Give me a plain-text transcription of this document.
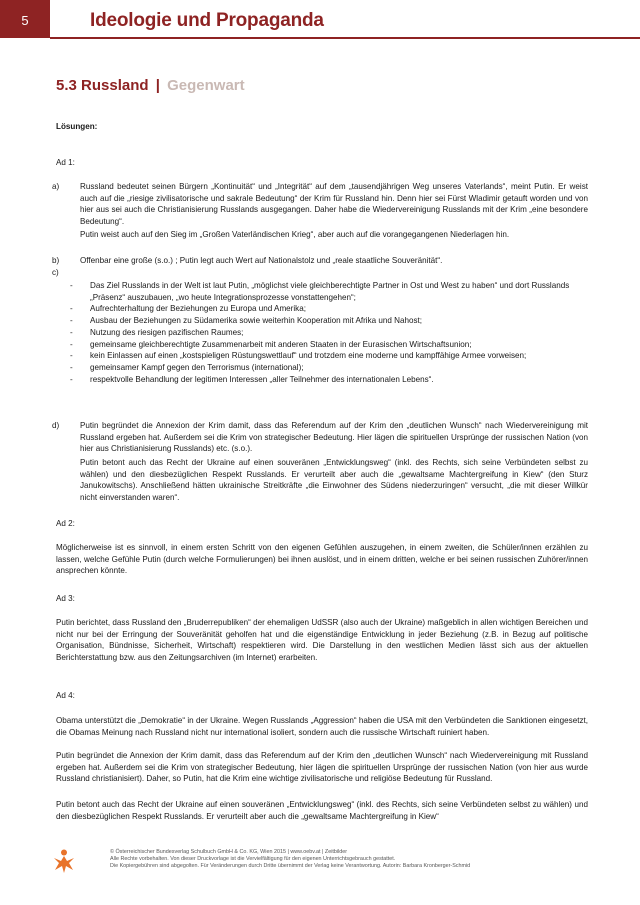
5	Ideologie und Propaganda
5.3 Russland | Gegenwart
Lösungen:
Ad 1:
a)	Russland bedeutet seinen Bürgern „Kontinuität“ und „Integrität“ auf dem „tausendjährigen Weg unseres Vaterlands“, meint Putin. Er weist auch auf die „riesige zivilisatorische und sakrale Bedeutung“ der Krim für Russland hin. Denn hier sei Fürst Wladimir getauft worden und von hier aus sei auch die Christianisierung Russlands ausgegangen. Daher habe die Wiedervereinigung Russlands mit der Krim „eine besondere Bedeutung“.
Putin weist auch auf den Sieg im „Großen Vaterländischen Krieg“, aber auch auf die vorangegangenen Niederlagen hin.
b)	Offenbar eine große (s.o.) ; Putin legt auch Wert auf Nationalstolz und „reale staatliche Souveränität“.
c)
-	Das Ziel Russlands in der Welt ist laut Putin, „möglichst viele gleichberechtigte Partner in Ost und West zu haben“ und dort Russlands „Präsenz“ auszubauen, „wo heute Integrationsprozesse vonstattengehen“;
-	Aufrechterhaltung der Beziehungen zu Europa und Amerika;
-	Ausbau der Beziehungen zu Südamerika sowie weiterhin Kooperation mit Afrika und Nahost;
-	Nutzung des riesigen pazifischen Raumes;
-	gemeinsame gleichberechtigte Zusammenarbeit mit anderen Staaten in der Eurasischen Wirtschaftsunion;
-	kein Einlassen auf einen „kostspieligen Rüstungswettlauf“ und trotzdem eine moderne und kampffähige Armee vorweisen;
-	gemeinsamer Kampf gegen den Terrorismus (international);
-	respektvolle Behandlung der legitimen Interessen „aller Teilnehmer des internationalen Lebens“.
d)	Putin begründet die Annexion der Krim damit, dass das Referendum auf der Krim den „deutlichen Wunsch“ nach Wiedervereinigung mit Russland ergeben hat. Außerdem sei die Krim von strategischer Bedeutung. Hier lägen die spirituellen Ursprünge der russischen Nation (von hier aus Christianisierung Russlands) etc. (s.o.).
Putin betont auch das Recht der Ukraine auf einen souveränen „Entwicklungsweg“ (inkl. des Rechts, sich seine Verbündeten selbst zu wählen) und den diesbezüglichen Respekt Russlands. Er verurteilt aber auch die „gewaltsame Machtergreifung in Kiew“ (den Sturz Janukowitschs). Anschließend hätten ukrainische Streitkräfte „die Einwohner des Südens niederzuringen“ versucht, „die mit dieser Willkür nicht einverstanden waren“.
Ad 2:
Möglicherweise ist es sinnvoll, in einem ersten Schritt von den eigenen Gefühlen auszugehen, in einem zweiten, die Schüler/innen erzählen zu lassen, welche Gefühle Putin (durch welche Formulierungen) bei ihnen auslöst, und in einem dritten, welche er bei seinen russischen Zuhörer/innen ansprechen könnte.
Ad 3:
Putin berichtet, dass Russland den „Bruderrepubliken“ der ehemaligen UdSSR (also auch der Ukraine) maßgeblich in allen wichtigen Bereichen und nicht nur bei der Erringung der Souveränität geholfen hat und die eigenständige Entwicklung in jeder Beziehung (z.B. in Bezug auf politische Organisation, Bündnisse, Sicherheit, Wirtschaft) respektieren wird. Die Darstellung in den westlichen Medien lässt sich aus der aktuellen Berichterstattung bzw. aus den Zeitungsarchiven (im Internet) erarbeiten.
Ad 4:
Obama unterstützt die „Demokratie“ in der Ukraine. Wegen Russlands „Aggression“ haben die USA mit den Verbündeten die Sanktionen eingesetzt, die Obamas Meinung nach Russland nicht nur international isoliert, sondern auch die russische Wirtschaft ruiniert haben.
Putin begründet die Annexion der Krim damit, dass das Referendum auf der Krim den „deutlichen Wunsch“ nach Wiedervereinigung mit Russland ergeben hat. Außerdem sei die Krim von strategischer Bedeutung, hier lägen die spirituellen Ursprünge der russischen Nation (von hier aus wurde Russland christianisiert). Daher, so Putin, hat die Krim eine wichtige zivilisatorische und religiöse Bedeutung für Russland.
Putin betont auch das Recht der Ukraine auf einen souveränen „Entwicklungsweg“ (inkl. des Rechts, sich seine Verbündeten selbst zu wählen) und den diesbezüglichen Respekt Russlands. Er verurteilt aber auch die „gewaltsame Machtergreifung in Kiew“
© Österreichischer Bundesverlag Schulbuch GmbH & Co. KG, Wien 2015 | www.oebv.at | Zeitbilder
Alle Rechte vorbehalten. Von dieser Druckvorlage ist die Vervielfältigung für den eigenen Unterrichtsgebrauch gestattet.
Die Kopiergebühren sind abgegolten. Für Veränderungen durch Dritte übernimmt der Verlag keine Verantwortung. Autorin: Barbara Kronberger-Schmid
